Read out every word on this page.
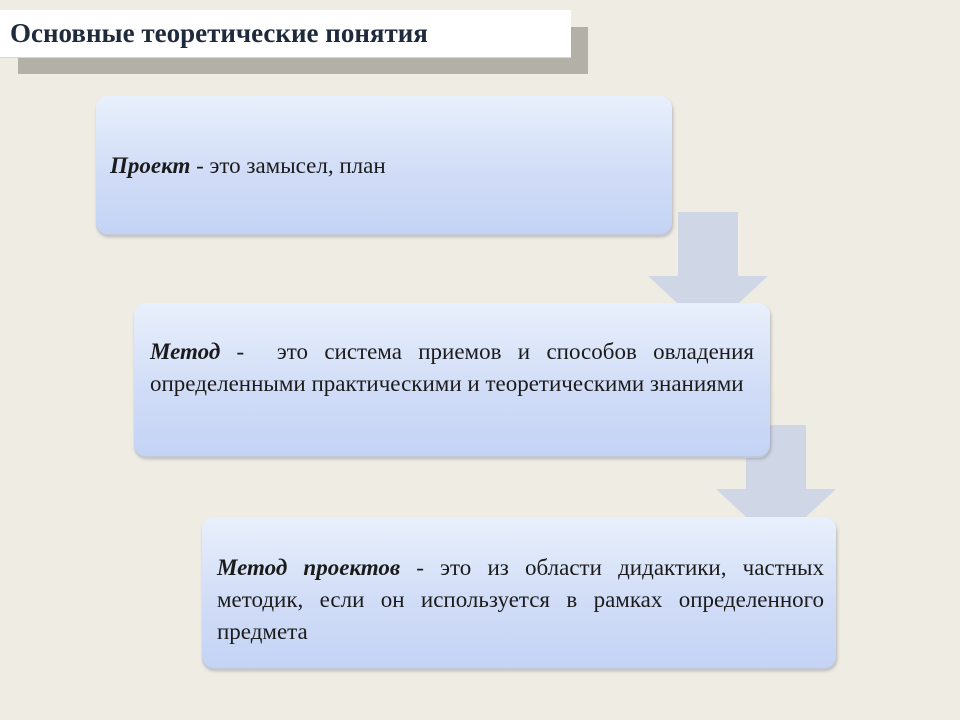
Основные теоретические понятия
Проект - это замысел, план
Метод -  это система приемов и способов овладения определенными практическими и теоретическими знаниями
Метод проектов - это из области дидактики, частных методик, если он используется в рамках определенного предмета
